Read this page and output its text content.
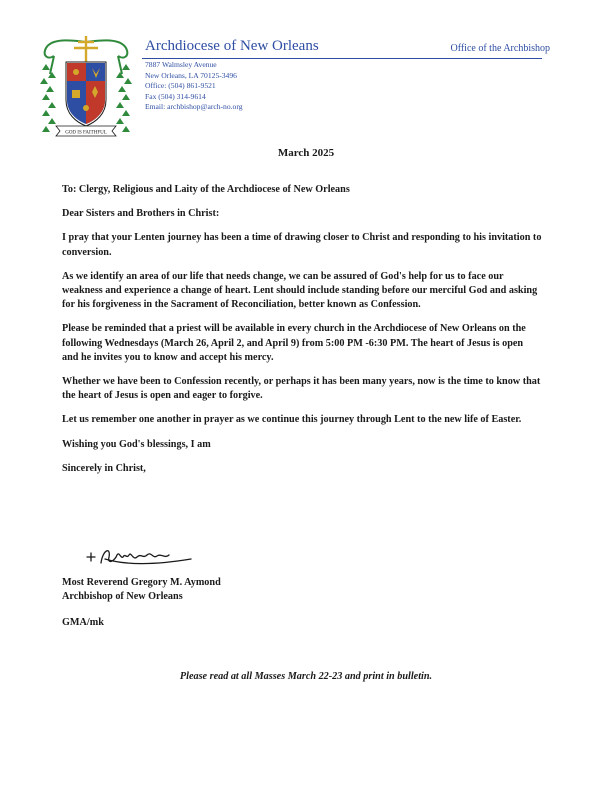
GOD IS FAITHFUL
Archdiocese of New Orleans	Office of the Archbishop
7887 Walmsley Avenue
New Orleans, LA 70125-3496
Office: (504) 861-9521
Fax (504) 314-9614
Email: archbishop@arch-no.org
March 2025

To: Clergy, Religious and Laity of the Archdiocese of New Orleans

Dear Sisters and Brothers in Christ:

I pray that your Lenten journey has been a time of drawing closer to Christ and responding to his invitation to conversion.

As we identify an area of our life that needs change, we can be assured of God's help for us to face our weakness and experience a change of heart. Lent should include standing before our merciful God and asking for his forgiveness in the Sacrament of Reconciliation, better known as Confession.

Please be reminded that a priest will be available in every church in the Archdiocese of New Orleans on the following Wednesdays (March 26, April 2, and April 9) from 5:00 PM -6:30 PM. The heart of Jesus is open and he invites you to know and accept his mercy.

Whether we have been to Confession recently, or perhaps it has been many years, now is the time to know that the heart of Jesus is open and eager to forgive.

Let us remember one another in prayer as we continue this journey through Lent to the new life of Easter.

Wishing you God's blessings, I am

Sincerely in Christ,

Most Reverend Gregory M. Aymond
Archbishop of New Orleans
GMA/mk
Please read at all Masses March 22-23 and print in bulletin.
